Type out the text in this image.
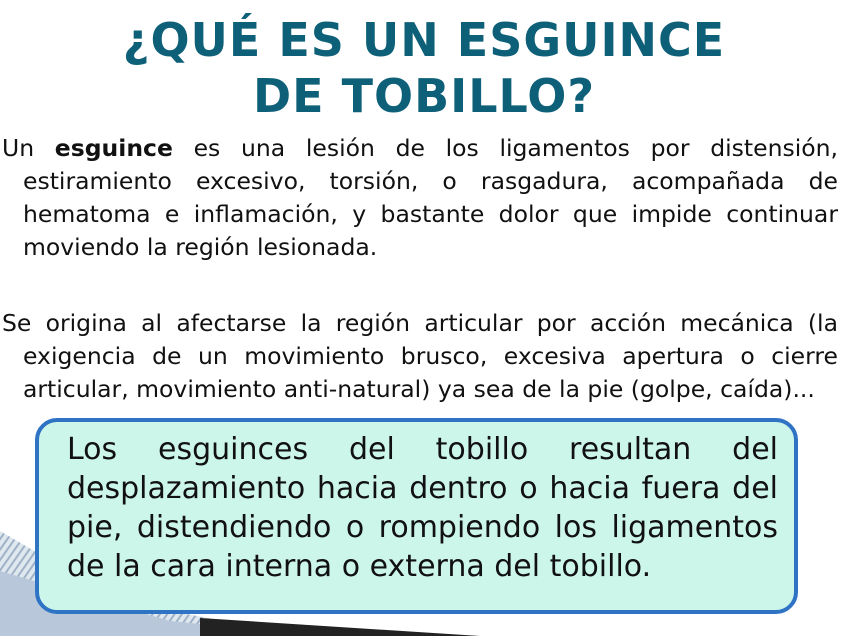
¿QUÉ ES UN ESGUINCE
DE TOBILLO?
Un esguince es una lesión de los ligamentos por distensión, estiramiento excesivo, torsión, o rasgadura, acompañada de hematoma e inflamación, y bastante dolor que impide continuar moviendo la región lesionada.
Se origina al afectarse la región articular por acción mecánica (la exigencia de un movimiento brusco, excesiva apertura o cierre articular, movimiento anti-natural) ya sea de la pie (golpe, caída)...
Los esguinces del tobillo resultan del desplazamiento hacia dentro o hacia fuera del pie, distendiendo o rompiendo los ligamentos de la cara interna o externa del tobillo.
